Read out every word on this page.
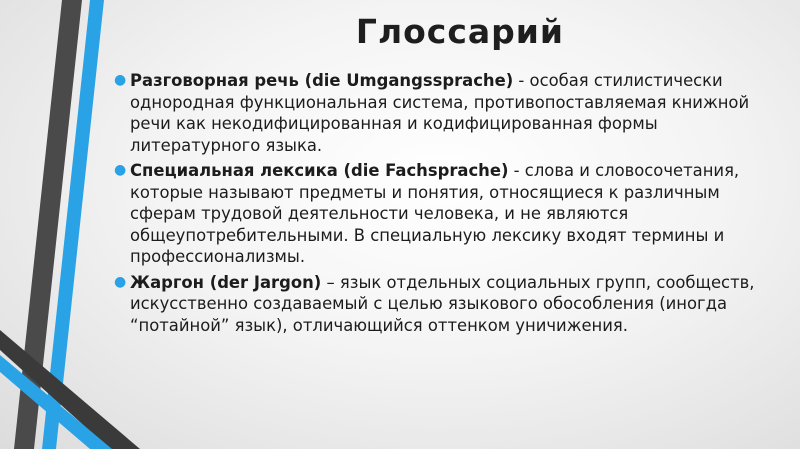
Глоссарий
● Разговорная речь (die Umgangssprache) - особая стилистически однородная функциональная система, противопоставляемая книжной речи как некодифицированная и кодифицированная формы литературного языка.
● Специальная лексика (die Fachsprache) - слова и словосочетания, которые называют предметы и понятия, относящиеся к различным сферам трудовой деятельности человека, и не являются общеупотребительными. В специальную лексику входят термины и профессионализмы.
● Жаргон (der Jargon) – язык отдельных социальных групп, сообществ, искусственно создаваемый с целью языкового обособления (иногда “потайной” язык), отличающийся оттенком уничижения.
